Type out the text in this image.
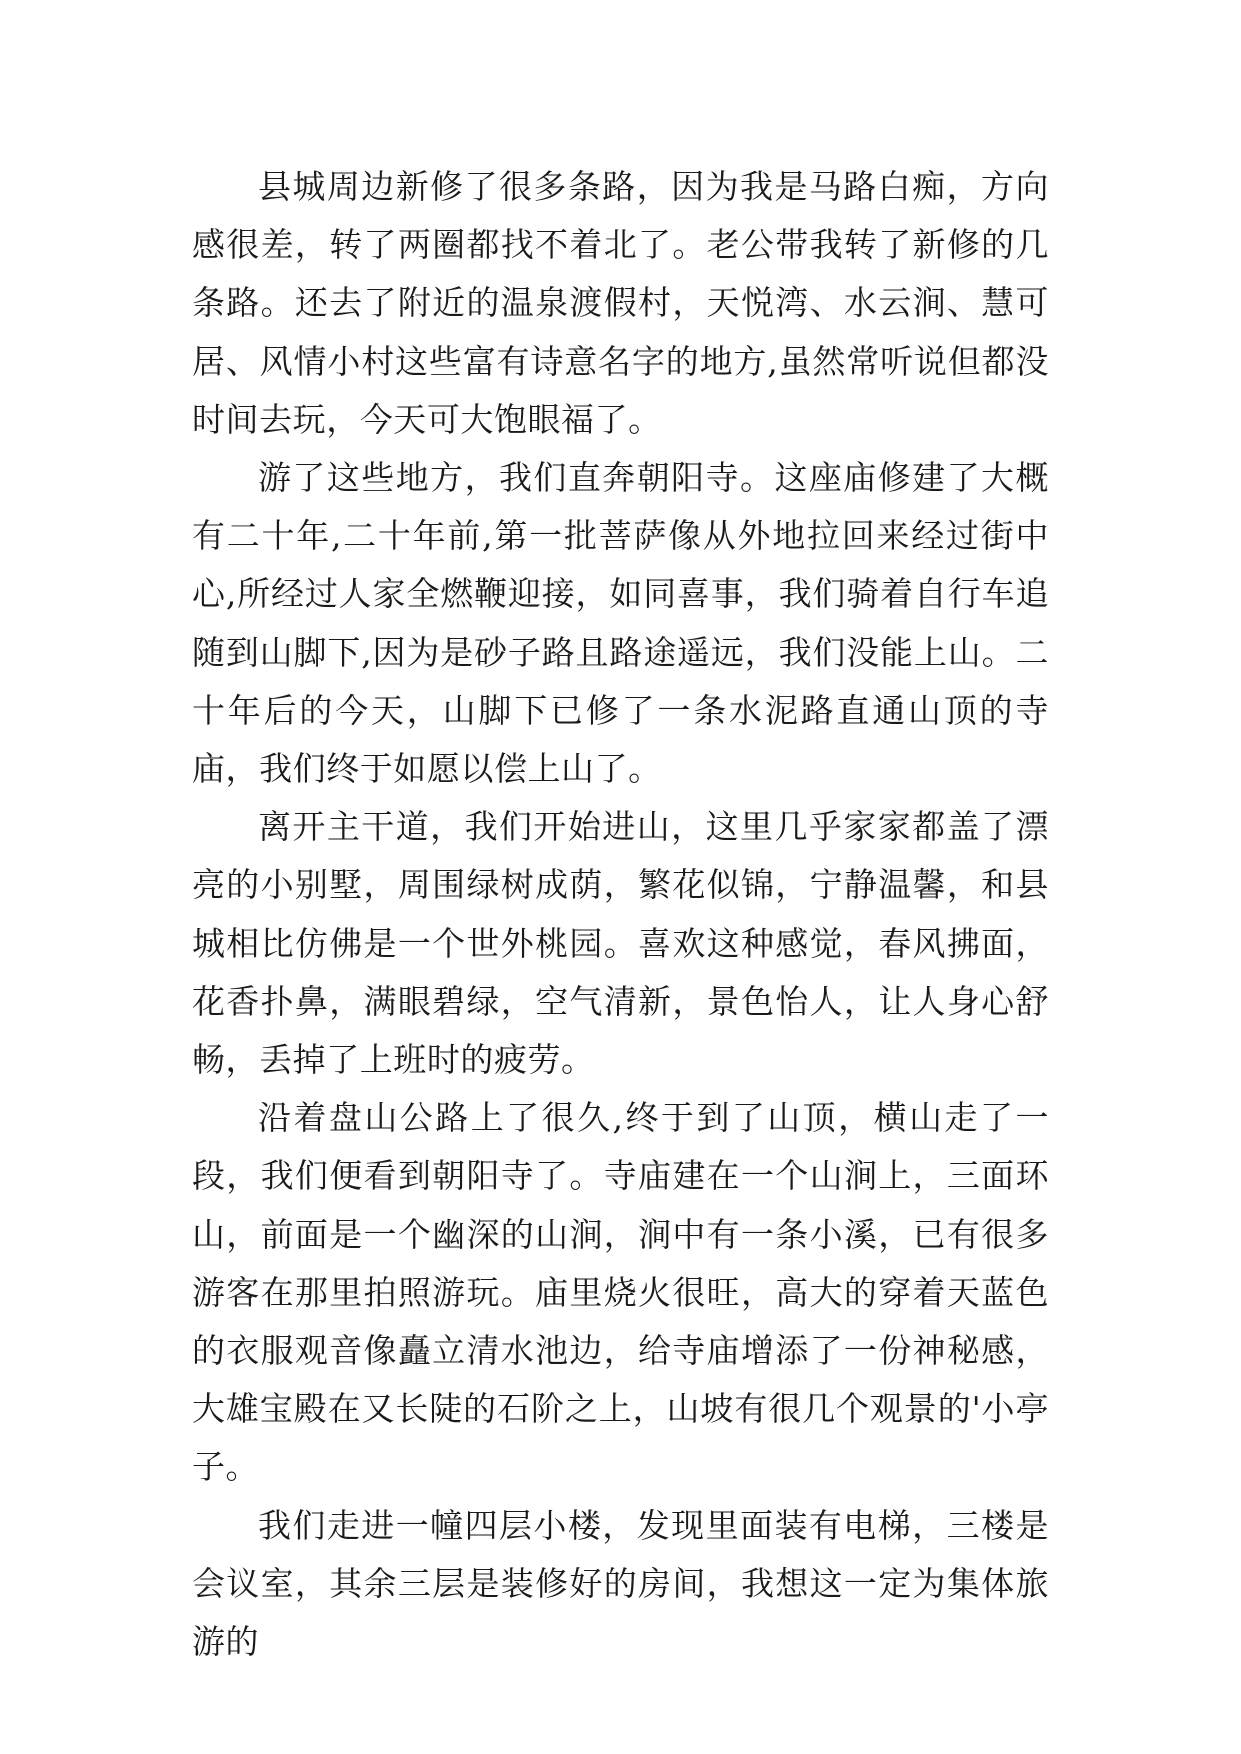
县城周边新修了很多条路，因为我是马路白痴，方向感很差，转了两圈都找不着北了。老公带我转了新修的几条路。还去了附近的温泉渡假村，天悦湾、水云涧、慧可居、风情小村这些富有诗意名字的地方,虽然常听说但都没时间去玩，今天可大饱眼福了。

游了这些地方，我们直奔朝阳寺。这座庙修建了大概有二十年,二十年前,第一批菩萨像从外地拉回来经过街中心,所经过人家全燃鞭迎接，如同喜事，我们骑着自行车追随到山脚下,因为是砂子路且路途遥远，我们没能上山。二十年后的今天，山脚下已修了一条水泥路直通山顶的寺庙，我们终于如愿以偿上山了。

离开主干道，我们开始进山，这里几乎家家都盖了漂亮的小别墅，周围绿树成荫，繁花似锦，宁静温馨，和县城相比仿佛是一个世外桃园。喜欢这种感觉，春风拂面，花香扑鼻，满眼碧绿，空气清新，景色怡人，让人身心舒畅，丢掉了上班时的疲劳。

沿着盘山公路上了很久,终于到了山顶，横山走了一段，我们便看到朝阳寺了。寺庙建在一个山涧上，三面环山，前面是一个幽深的山涧，涧中有一条小溪，已有很多游客在那里拍照游玩。庙里烧火很旺，高大的穿着天蓝色的衣服观音像矗立清水池边，给寺庙增添了一份神秘感，大雄宝殿在又长陡的石阶之上，山坡有很几个观景的'小亭子。

我们走进一幢四层小楼，发现里面装有电梯，三楼是会议室，其余三层是装修好的房间，我想这一定为集体旅游的
